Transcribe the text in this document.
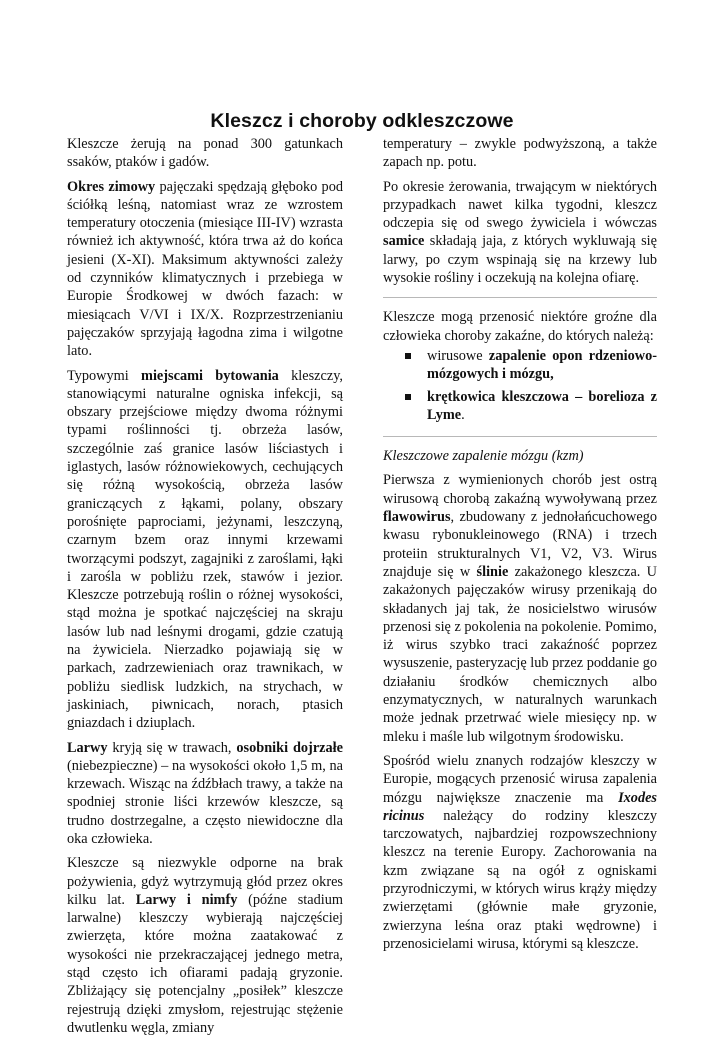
Kleszcz i choroby odkleszczowe

Kleszcze żerują na ponad 300 gatunkach ssaków, ptaków i gadów.

Okres zimowy pajęczaki spędzają głęboko pod ściółką leśną, natomiast wraz ze wzrostem temperatury otoczenia (miesiące III-IV) wzrasta również ich aktywność, która trwa aż do końca jesieni (X-XI). Maksimum aktywności zależy od czynników klimatycznych i przebiega w Europie Środkowej w dwóch fazach: w miesiącach V/VI i IX/X. Rozprzestrzenianiu pajęczaków sprzyjają łagodna zima i wilgotne lato.

Typowymi miejscami bytowania kleszczy, stanowiącymi naturalne ogniska infekcji, są obszary przejściowe między dwoma różnymi typami roślinności tj. obrzeża lasów, szczególnie zaś granice lasów liściastych i iglastych, lasów różnowiekowych, cechujących się różną wysokością, obrzeża lasów graniczących z łąkami, polany, obszary porośnięte paprociami, jeżynami, leszczyną, czarnym bzem oraz innymi krzewami tworzącymi podszyt, zagajniki z zaroślami, łąki i zarośla w pobliżu rzek, stawów i jezior. Kleszcze potrzebują roślin o różnej wysokości, stąd można je spotkać najczęściej na skraju lasów lub nad leśnymi drogami, gdzie czatują na żywiciela. Nierzadko pojawiają się w parkach, zadrzewieniach oraz trawnikach, w pobliżu siedlisk ludzkich, na strychach, w jaskiniach, piwnicach, norach, ptasich gniazdach i dziuplach.

Larwy kryją się w trawach, osobniki dojrzałe (niebezpieczne) – na wysokości około 1,5 m, na krzewach. Wisząc na źdźbłach trawy, a także na spodniej stronie liści krzewów kleszcze, są trudno dostrzegalne, a często niewidoczne dla oka człowieka.

Kleszcze są niezwykle odporne na brak pożywienia, gdyż wytrzymują głód przez okres kilku lat. Larwy i nimfy (późne stadium larwalne) kleszczy wybierają najczęściej zwierzęta, które można zaatakować z wysokości nie przekraczającej jednego metra, stąd często ich ofiarami padają gryzonie. Zbliżający się potencjalny „posiłek” kleszcze rejestrują dzięki zmysłom, rejestrując stężenie dwutlenku węgla, zmiany

temperatury – zwykle podwyższoną, a także zapach np. potu.

Po okresie żerowania, trwającym w niektórych przypadkach nawet kilka tygodni, kleszcz odczepia się od swego żywiciela i wówczas samice składają jaja, z których wykluwają się larwy, po czym wspinają się na krzewy lub wysokie rośliny i oczekują na kolejna ofiarę.

Kleszcze mogą przenosić niektóre groźne dla człowieka choroby zakaźne, do których należą:

wirusowe zapalenie opon rdzeniowo-mózgowych i mózgu,
krętkowica kleszczowa – borelioza z Lyme.

Kleszczowe zapalenie mózgu (kzm)

Pierwsza z wymienionych chorób jest ostrą wirusową chorobą zakaźną wywoływaną przez flawowirus, zbudowany z jednołańcuchowego kwasu rybonukleinowego (RNA) i trzech proteiin strukturalnych V1, V2, V3. Wirus znajduje się w ślinie zakażonego kleszcza. U zakażonych pajęczaków wirusy przenikają do składanych jaj tak, że nosicielstwo wirusów przenosi się z pokolenia na pokolenie. Pomimo, iż wirus szybko traci zakaźność poprzez wysuszenie, pasteryzację lub przez poddanie go działaniu środków chemicznych albo enzymatycznych, w naturalnych warunkach może jednak przetrwać wiele miesięcy np. w mleku i maśle lub wilgotnym środowisku.

Spośród wielu znanych rodzajów kleszczy w Europie, mogących przenosić wirusa zapalenia mózgu największe znaczenie ma Ixodes ricinus należący do rodziny kleszczy tarczowatych, najbardziej rozpowszechniony kleszcz na terenie Europy. Zachorowania na kzm związane są na ogół z ogniskami przyrodniczymi, w których wirus krąży między zwierzętami (głównie małe gryzonie, zwierzyna leśna oraz ptaki wędrowne) i przenosicielami wirusa, którymi są kleszcze.
